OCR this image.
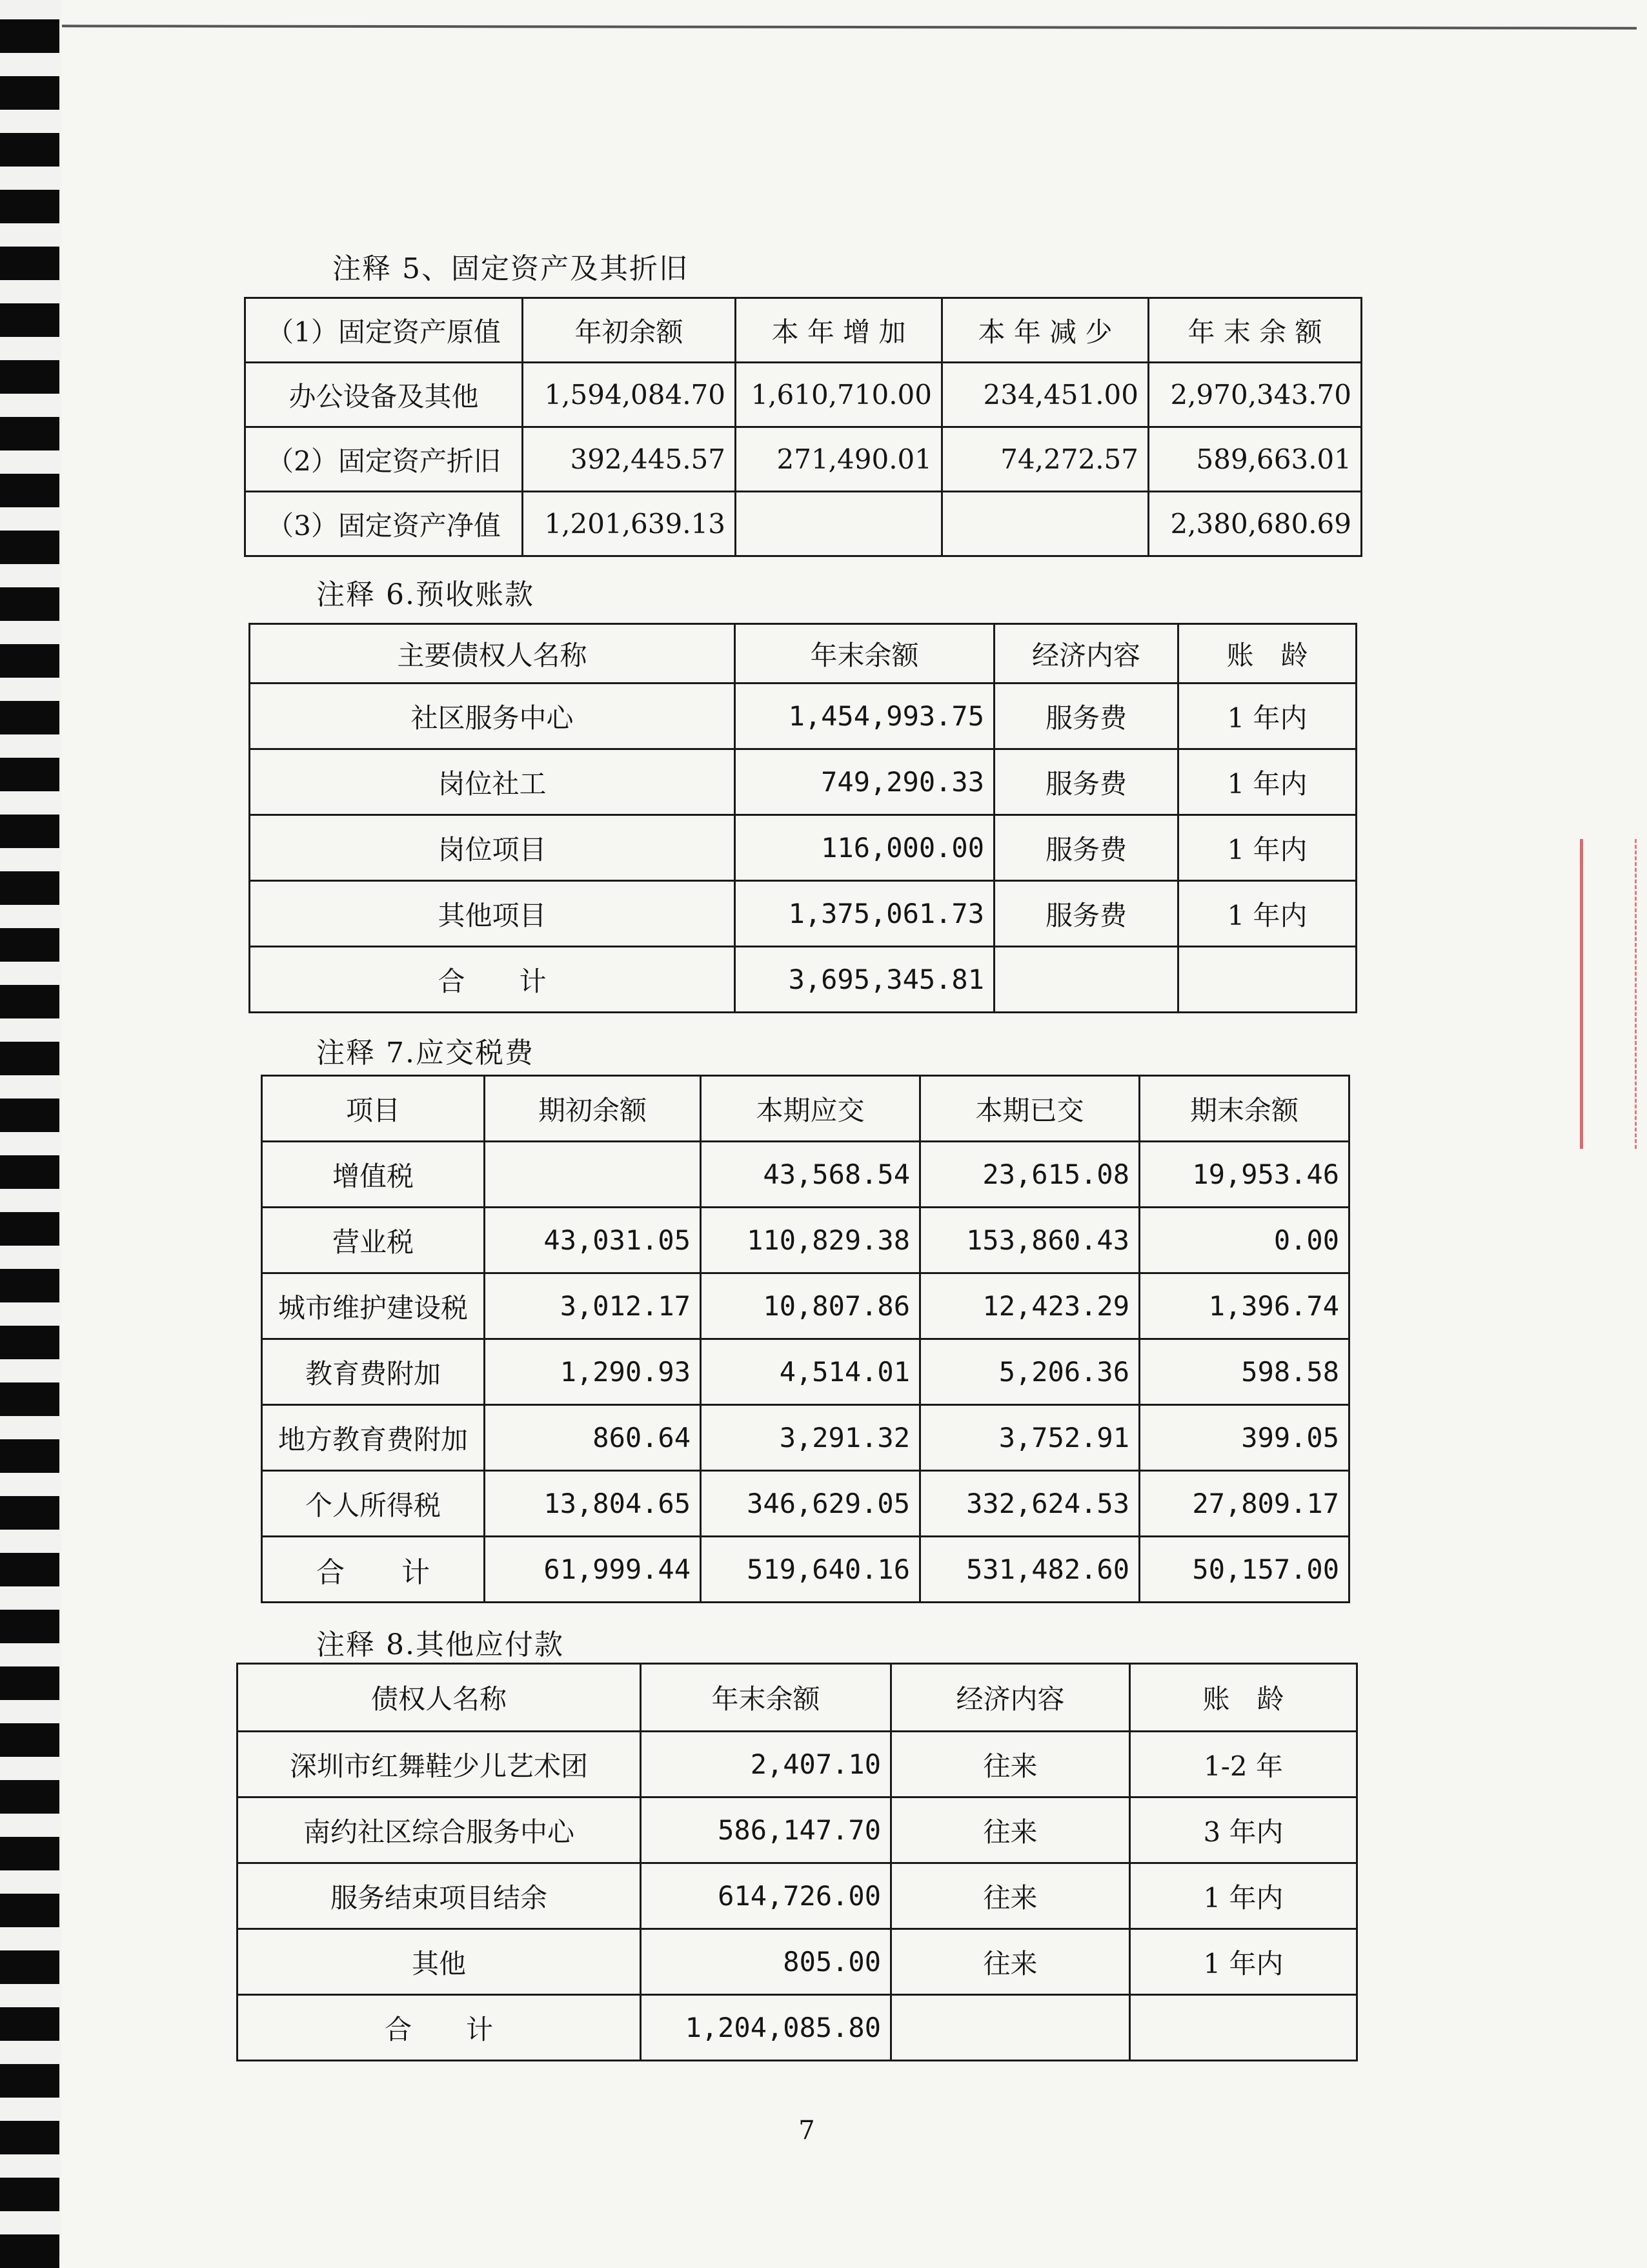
注释 5、固定资产及其折旧
（1）固定资产原值	年初余额	本 年 增 加	本 年 减 少	年 末 余 额
办公设备及其他	1,594,084.70	1,610,710.00	234,451.00	2,970,343.70
（2）固定资产折旧	392,445.57	271,490.01	74,272.57	589,663.01
（3）固定资产净值	1,201,639.13			2,380,680.69
注释 6.预收账款
主要债权人名称	年末余额	经济内容	账　龄
社区服务中心	1,454,993.75	服务费	1 年内
岗位社工	749,290.33	服务费	1 年内
岗位项目	116,000.00	服务费	1 年内
其他项目	1,375,061.73	服务费	1 年内
合　　计	3,695,345.81		
注释 7.应交税费
项目	期初余额	本期应交	本期已交	期末余额
增值税		43,568.54	23,615.08	19,953.46
营业税	43,031.05	110,829.38	153,860.43	0.00
城市维护建设税	3,012.17	10,807.86	12,423.29	1,396.74
教育费附加	1,290.93	4,514.01	5,206.36	598.58
地方教育费附加	860.64	3,291.32	3,752.91	399.05
个人所得税	13,804.65	346,629.05	332,624.53	27,809.17
合　　计	61,999.44	519,640.16	531,482.60	50,157.00
注释 8.其他应付款
债权人名称	年末余额	经济内容	账　龄
深圳市红舞鞋少儿艺术团	2,407.10	往来	1-2 年
南约社区综合服务中心	586,147.70	往来	3 年内
服务结束项目结余	614,726.00	往来	1 年内
其他	805.00	往来	1 年内
合　　计	1,204,085.80		
7
